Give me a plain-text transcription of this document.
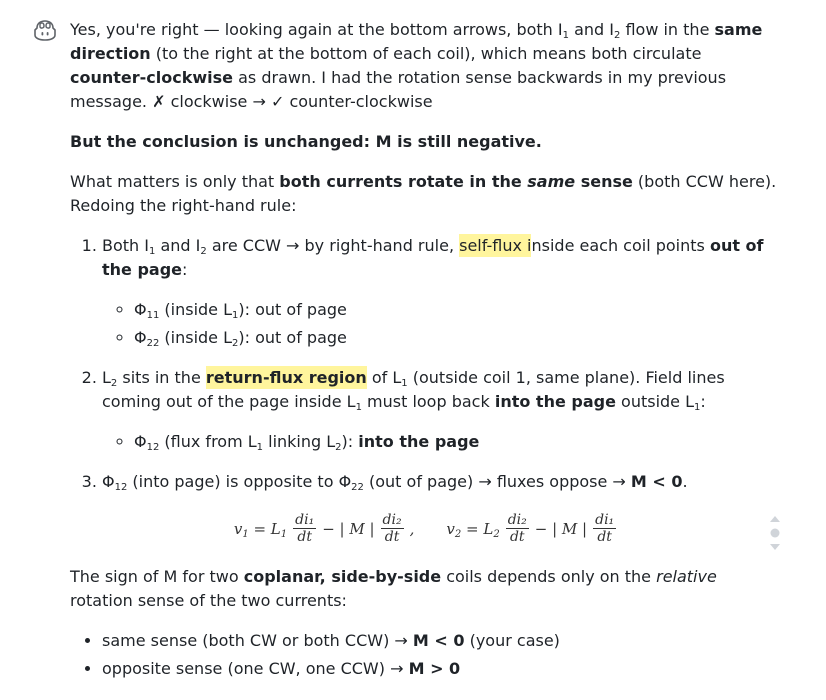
Yes, you're right — looking again at the bottom arrows, both $I_1$ and $I_2$ flow in the same direction (to the right at the bottom of each coil), which means both circulate counter-clockwise as drawn. I had the rotation sense backwards in my previous message. ✗ clockwise → ✓ counter-clockwise

But the conclusion is unchanged: M is still negative.

What matters is only that both currents rotate in the same sense (both CCW here). Redoing the right-hand rule:

1. Both $I_1$ and $I_2$ are CCW → by right-hand rule, self-flux inside each coil points out of the page:
◦ $\Phi_{11}$ (inside $L_1$): out of page
◦ $\Phi_{22}$ (inside $L_2$): out of page
2. $L_2$ sits in the return-flux region of $L_1$ (outside coil 1, same plane). Field lines coming out of the page inside $L_1$ must loop back into the page outside $L_1$:
◦ $\Phi_{12}$ (flux from $L_1$ linking $L_2$): into the page
3. $\Phi_{12}$ (into page) is opposite to $\Phi_{22}$ (out of page) → fluxes oppose → M < 0.
$v_1 = L_1 \frac{\text{di₁}}{dt}$ − | M | $\frac{\text{di₂}}{dt}$ , $v_2 = L_2 \frac{\text{di₂}}{dt}$ − | M | $\frac{\text{di₁}}{dt}$

The sign of M for two coplanar, side-by-side coils depends only on the relative rotation sense of the two currents:

• same sense (both CW or both CCW) → M < 0 (your case)
• opposite sense (one CW, one CCW) → M > 0
